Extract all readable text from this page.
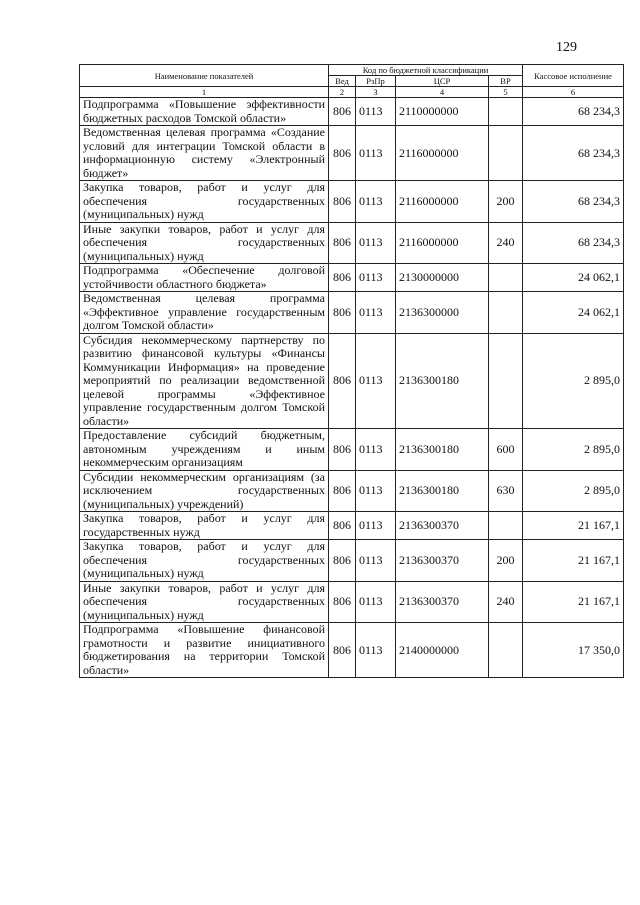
129
Наименование показателей	Код по бюджетной классификации				Кассовое исполнение
	Вед	РзПр	ЦСР	ВР	
1	2	3	4	5	6
Подпрограмма «Повышение эффективности бюджетных расходов Томской области»	806	0113	2110000000		68 234,3
Ведомственная целевая программа «Создание условий для интеграции Томской области в информационную систему «Электронный бюджет»	806	0113	2116000000		68 234,3
Закупка товаров, работ и услуг для обеспечения государственных (муниципальных) нужд	806	0113	2116000000	200	68 234,3
Иные закупки товаров, работ и услуг для обеспечения государственных (муниципальных) нужд	806	0113	2116000000	240	68 234,3
Подпрограмма «Обеспечение долговой устойчивости областного бюджета»	806	0113	2130000000		24 062,1
Ведомственная целевая программа «Эффективное управление государственным долгом Томской области»	806	0113	2136300000		24 062,1
Субсидия некоммерческому партнерству по развитию финансовой культуры «Финансы Коммуникации Информация» на проведение мероприятий по реализации ведомственной целевой программы «Эффективное управление государственным долгом Томской области»	806	0113	2136300180		2 895,0
Предоставление субсидий бюджетным, автономным учреждениям и иным некоммерческим организациям	806	0113	2136300180	600	2 895,0
Субсидии некоммерческим организациям (за исключением государственных (муниципальных) учреждений)	806	0113	2136300180	630	2 895,0
Закупка товаров, работ и услуг для государственных нужд	806	0113	2136300370		21 167,1
Закупка товаров, работ и услуг для обеспечения государственных (муниципальных) нужд	806	0113	2136300370	200	21 167,1
Иные закупки товаров, работ и услуг для обеспечения государственных (муниципальных) нужд	806	0113	2136300370	240	21 167,1
Подпрограмма «Повышение финансовой грамотности и развитие инициативного бюджетирования на территории Томской области»	806	0113	2140000000		17 350,0
